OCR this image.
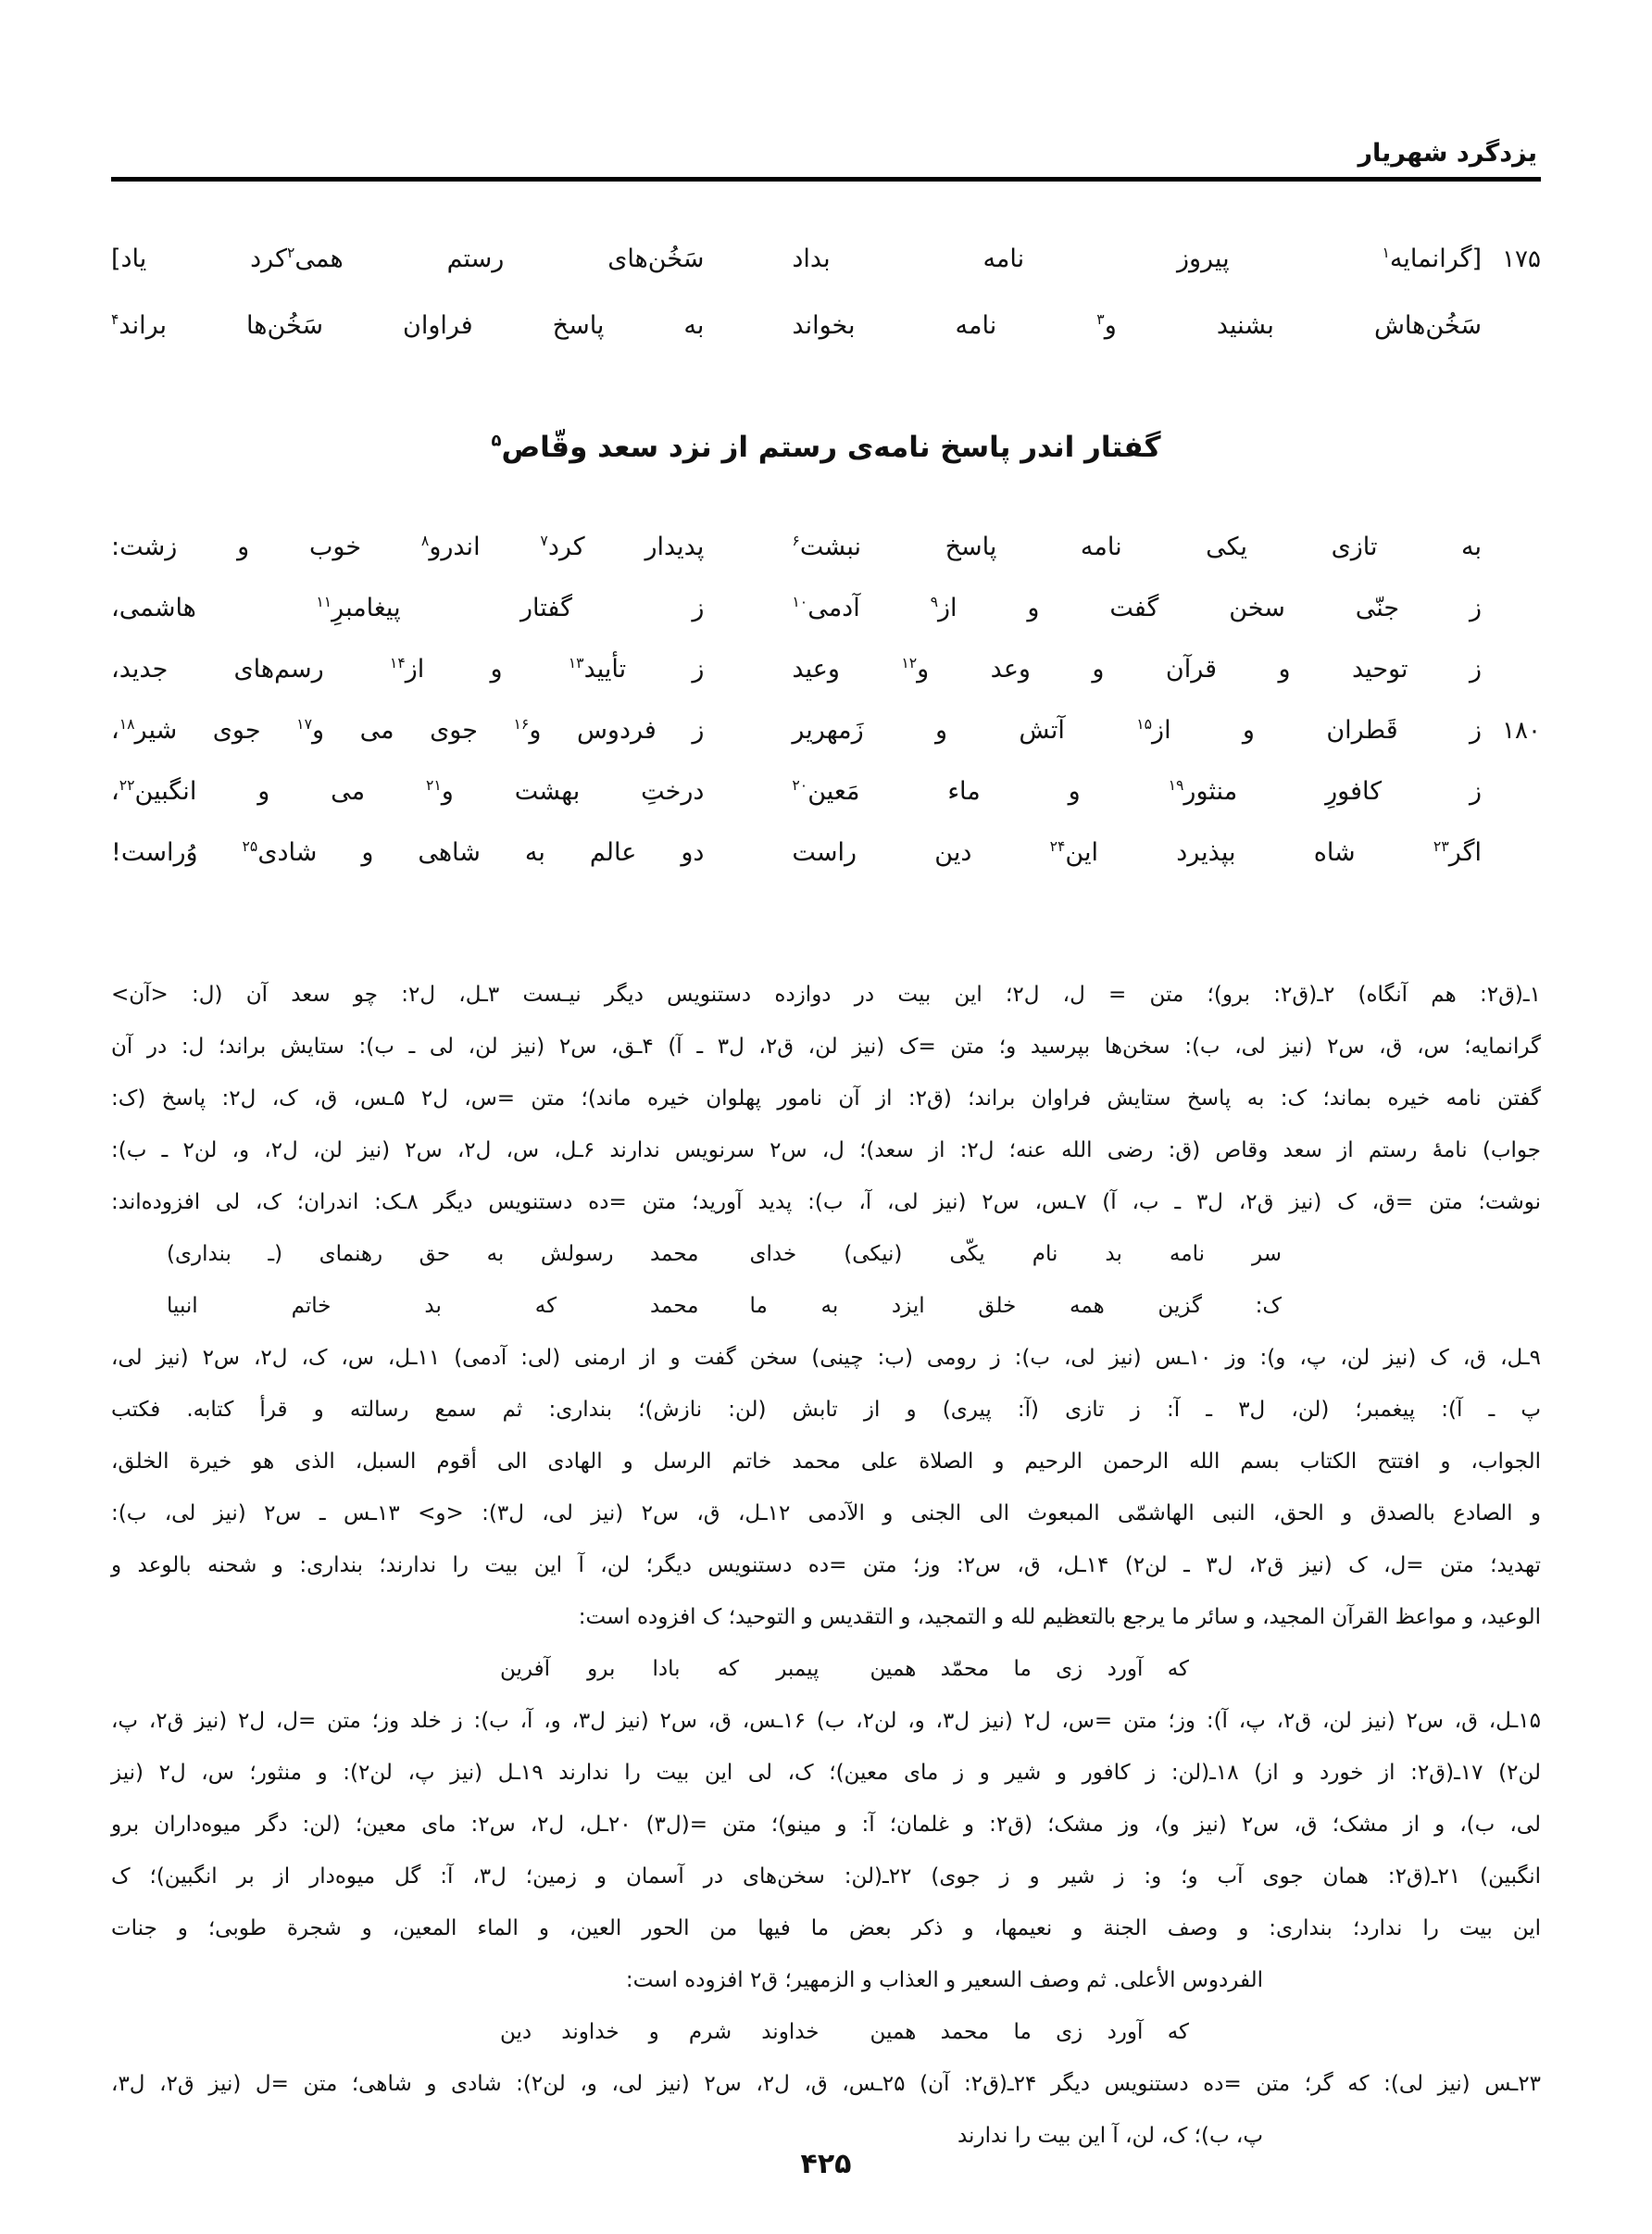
یزدگرد شهریار
۱۷۵
[گرانمایه$^۱$ پیروز نامه بداد
سَخُن‌های رستم همی$^۲$کرد یاد]
سَخُن‌هاش بشنید و$^۳$ نامه بخواند
به پاسخ فراوان سَخُن‌ها براند$^۴$
گفتار اندر پاسخ نامه‌ی رستم از نزد سعد وقّاص$^۵$
به تازی یکی نامه پاسخ نبشت$^۶$
پدیدار کرد$^۷$ اندرو$^۸$ خوب و زشت:
ز جنّی سخن گفت و از$^۹$ آدمی$^{۱۰}$
ز گفتار پیغامبرِ$^{۱۱}$ هاشمی،
ز توحید و قرآن و وعد و$^{۱۲}$ وعید
ز تأیید$^{۱۳}$ و از$^{۱۴}$ رسم‌های جدید،
۱۸۰
ز قَطران و از$^{۱۵}$ آتش و زَمهریر
ز فردوس و$^{۱۶}$ جوی می و$^{۱۷}$ جوی شیر$^{۱۸}$،
ز کافورِ منثور$^{۱۹}$ و ماء مَعین$^{۲۰}$
درختِ بهشت و$^{۲۱}$ می و انگبین$^{۲۲}$،
اگر$^{۲۳}$ شاه بپذیرد این$^{۲۴}$ دین راست
دو عالم به شاهی و شادی$^{۲۵}$ وُراست!
۱ـ(ق۲: هم آنگاه) ۲ـ(ق۲: برو)؛ متن = ل، ل۲؛ این بیت در دوازده دستنویس دیگر نیـست ۳ـل، ل۲: چو سعد آن (ل: <آن>
گرانمایه؛ س، ق، س۲ (نیز لی، ب): سخن‌ها بپرسید و؛ متن =ک (نیز لن، ق۲، ل۳ ـ آ) ۴ـق، س۲ (نیز لن، لی ـ ب): ستایش براند؛ ل: در آن
گفتن نامه خیره بماند؛ ک: به پاسخ ستایش فراوان براند؛ (ق۲: از آن نامور پهلوان خیره ماند)؛ متن =س، ل۲ ۵ـس، ق، ک، ل۲: پاسخ (ک:
جواب) نامهٔ رستم از سعد وقاص (ق: رضی الله عنه؛ ل۲: از سعد)؛ ل، س۲ سرنویس ندارند ۶ـل، س، ل۲، س۲ (نیز لن، ل۲، و، لن۲ ـ ب):
نوشت؛ متن =ق، ک (نیز ق۲، ل۳ ـ ب، آ) ۷ـس، س۲ (نیز لی، آ، ب): پدید آورید؛ متن =ده دستنویس دیگر ۸ـک: اندران؛ ک، لی افزوده‌اند:
سر نامه بد نام یکّی (نیکی) خدای
محمد رسولش به حق رهنمای (ـ بنداری)
ک: گزین همه خلق ایزد به ما
محمد که بد خاتم انبیا
۹ـل، ق، ک (نیز لن، پ، و): وز ۱۰ـس (نیز لی، ب): ز رومی (ب: چینی) سخن گفت و از ارمنی (لی: آدمی) ۱۱ـل، س، ک، ل۲، س۲ (نیز لی،
پ ـ آ): پیغمبر؛ (لن، ل۳ ـ آ: ز تازی (آ: پیری) و از تابش (لن: نازش)؛ بنداری: ثم سمع رسالته و قرأ کتابه. فکتب
الجواب، و افتتح الکتاب بسم الله الرحمن الرحیم و الصلاة علی محمد خاتم الرسل و الهادی الی أقوم السبل، الذی هو خیرة الخلق،
و الصادع بالصدق و الحق، النبی الهاشمّی المبعوث الی الجنی و الآدمی ۱۲ـل، ق، س۲ (نیز لی، ل۳): <و> ۱۳ـس ـ س۲ (نیز لی، ب):
تهدید؛ متن =ل، ک (نیز ق۲، ل۳ ـ لن۲) ۱۴ـل، ق، س۲: وز؛ متن =ده دستنویس دیگر؛ لن، آ این بیت را ندارند؛ بنداری: و شحنه بالوعد و
الوعید، و مواعظ القرآن المجید، و سائر ما یرجع بالتعظیم لله و التمجید، و التقدیس و التوحید؛ ک افزوده است:
که آورد زی ما محمّد همین
پیمبر که بادا برو آفرین
۱۵ـل، ق، س۲ (نیز لن، ق۲، پ، آ): وز؛ متن =س، ل۲ (نیز ل۳، و، لن۲، ب) ۱۶ـس، ق، س۲ (نیز ل۳، و، آ، ب): ز خلد وز؛ متن =ل، ل۲ (نیز ق۲، پ،
لن۲) ۱۷ـ(ق۲: از خورد و از) ۱۸ـ(لن: ز کافور و شیر و ز مای معین)؛ ک، لی این بیت را ندارند ۱۹ـل (نیز پ، لن۲): و منثور؛ س، ل۲ (نیز
لی، ب)، و از مشک؛ ق، س۲ (نیز و)، وز مشک؛ (ق۲: و غلمان؛ آ: و مینو)؛ متن =(ل۳) ۲۰ـل، ل۲، س۲: مای معین؛ (لن: دگر میوه‌داران برو
انگبین) ۲۱ـ(ق۲: همان جوی آب و؛ و: ز شیر و ز جوی) ۲۲ـ(لن: سخن‌های در آسمان و زمین؛ ل۳، آ: گل میوه‌دار از بر انگبین)؛ ک
این بیت را ندارد؛ بنداری: و وصف الجنة و نعیمها، و ذکر بعض ما فیها من الحور العین، و الماء المعین، و شجرة طوبی؛ و جنات
الفردوس الأعلی. ثم وصف السعیر و العذاب و الزمهیر؛ ق۲ افزوده است:
که آورد زی ما محمد همین
خداوند شرم و خداوند دین
۲۳ـس (نیز لی): که گر؛ متن =ده دستنویس دیگر ۲۴ـ(ق۲: آن) ۲۵ـس، ق، ل۲، س۲ (نیز لی، و، لن۲): شادی و شاهی؛ متن =ل (نیز ق۲، ل۳،
پ، ب)؛ ک، لن، آ این بیت را ندارند
۴۲۵
